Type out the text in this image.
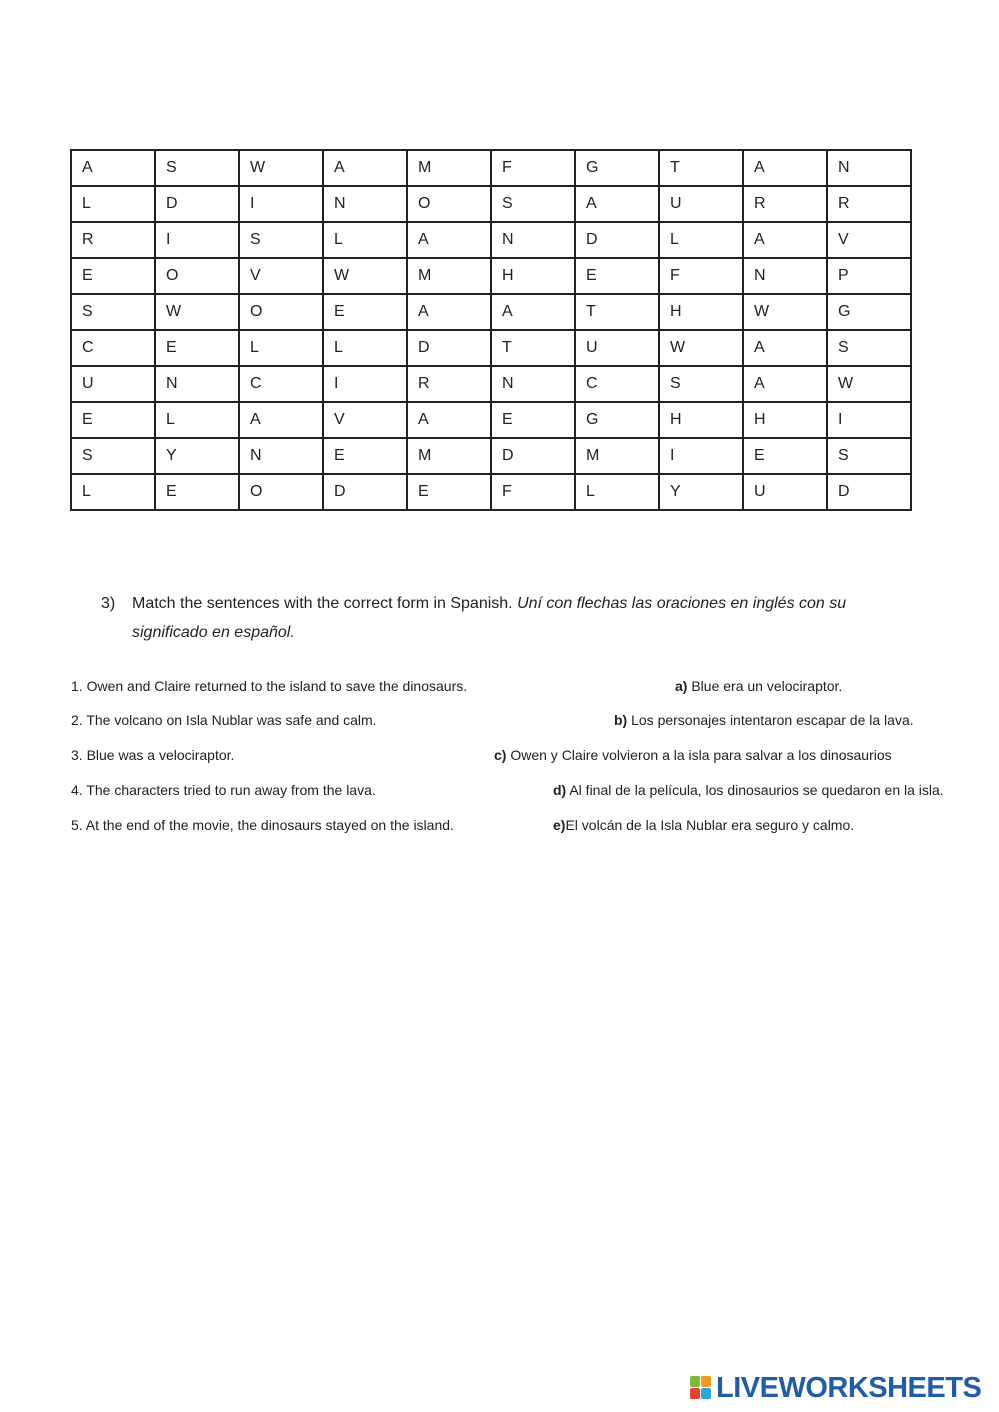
A	S	W	A	M	F	G	T	A	N
L	D	I	N	O	S	A	U	R	R
R	I	S	L	A	N	D	L	A	V
E	O	V	W	M	H	E	F	N	P
S	W	O	E	A	A	T	H	W	G
C	E	L	L	D	T	U	W	A	S
U	N	C	I	R	N	C	S	A	W
E	L	A	V	A	E	G	H	H	I
S	Y	N	E	M	D	M	I	E	S
L	E	O	D	E	F	L	Y	U	D
3) Match the sentences with the correct form in Spanish. Uní con flechas las oraciones en inglés con su significado en español.
1. Owen and Claire returned to the island to save the dinosaurs.
2. The volcano on Isla Nublar was safe and calm.
3. Blue was a velociraptor.
4. The characters tried to run away from the lava.
5. At the end of the movie, the dinosaurs stayed on the island.
a) Blue era un velociraptor.
b) Los personajes intentaron escapar de la lava.
c) Owen y Claire volvieron a la isla para salvar a los dinosaurios
d) Al final de la película, los dinosaurios se quedaron en la isla.
e)El volcán de la Isla Nublar era seguro y calmo.
LIVEWORKSHEETS
